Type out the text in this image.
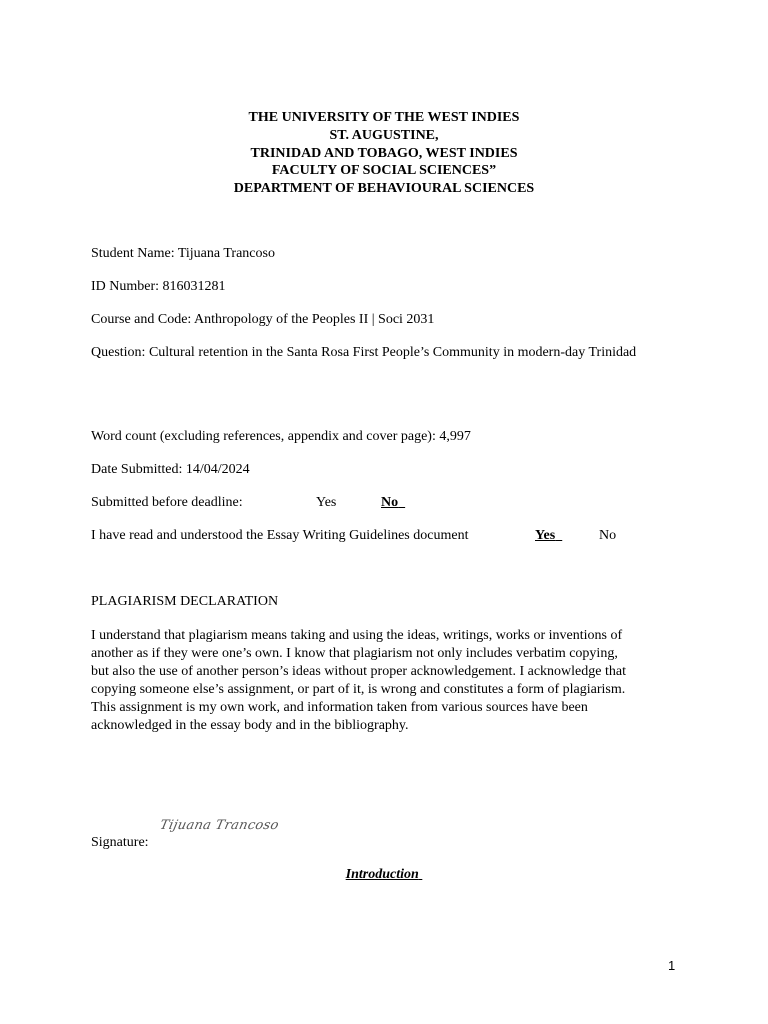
THE UNIVERSITY OF THE WEST INDIES
ST. AUGUSTINE,
TRINIDAD AND TOBAGO, WEST INDIES
FACULTY OF SOCIAL SCIENCES”
DEPARTMENT OF BEHAVIOURAL SCIENCES
Student Name: Tijuana Trancoso
ID Number: 816031281
Course and Code: Anthropology of the Peoples II | Soci 2031
Question: Cultural retention in the Santa Rosa First People’s Community in modern-day Trinidad
Word count (excluding references, appendix and cover page): 4,997
Date Submitted: 14/04/2024
Submitted before deadline:	Yes	No
I have read and understood the Essay Writing Guidelines document	Yes	No
PLAGIARISM DECLARATION
I understand that plagiarism means taking and using the ideas, writings, works or inventions of
another as if they were one’s own. I know that plagiarism not only includes verbatim copying,
but also the use of another person’s ideas without proper acknowledgement. I acknowledge that
copying someone else’s assignment, or part of it, is wrong and constitutes a form of plagiarism.
This assignment is my own work, and information taken from various sources have been
acknowledged in the essay body and in the bibliography.
Tijuana Trancoso
Signature:
Introduction
1
